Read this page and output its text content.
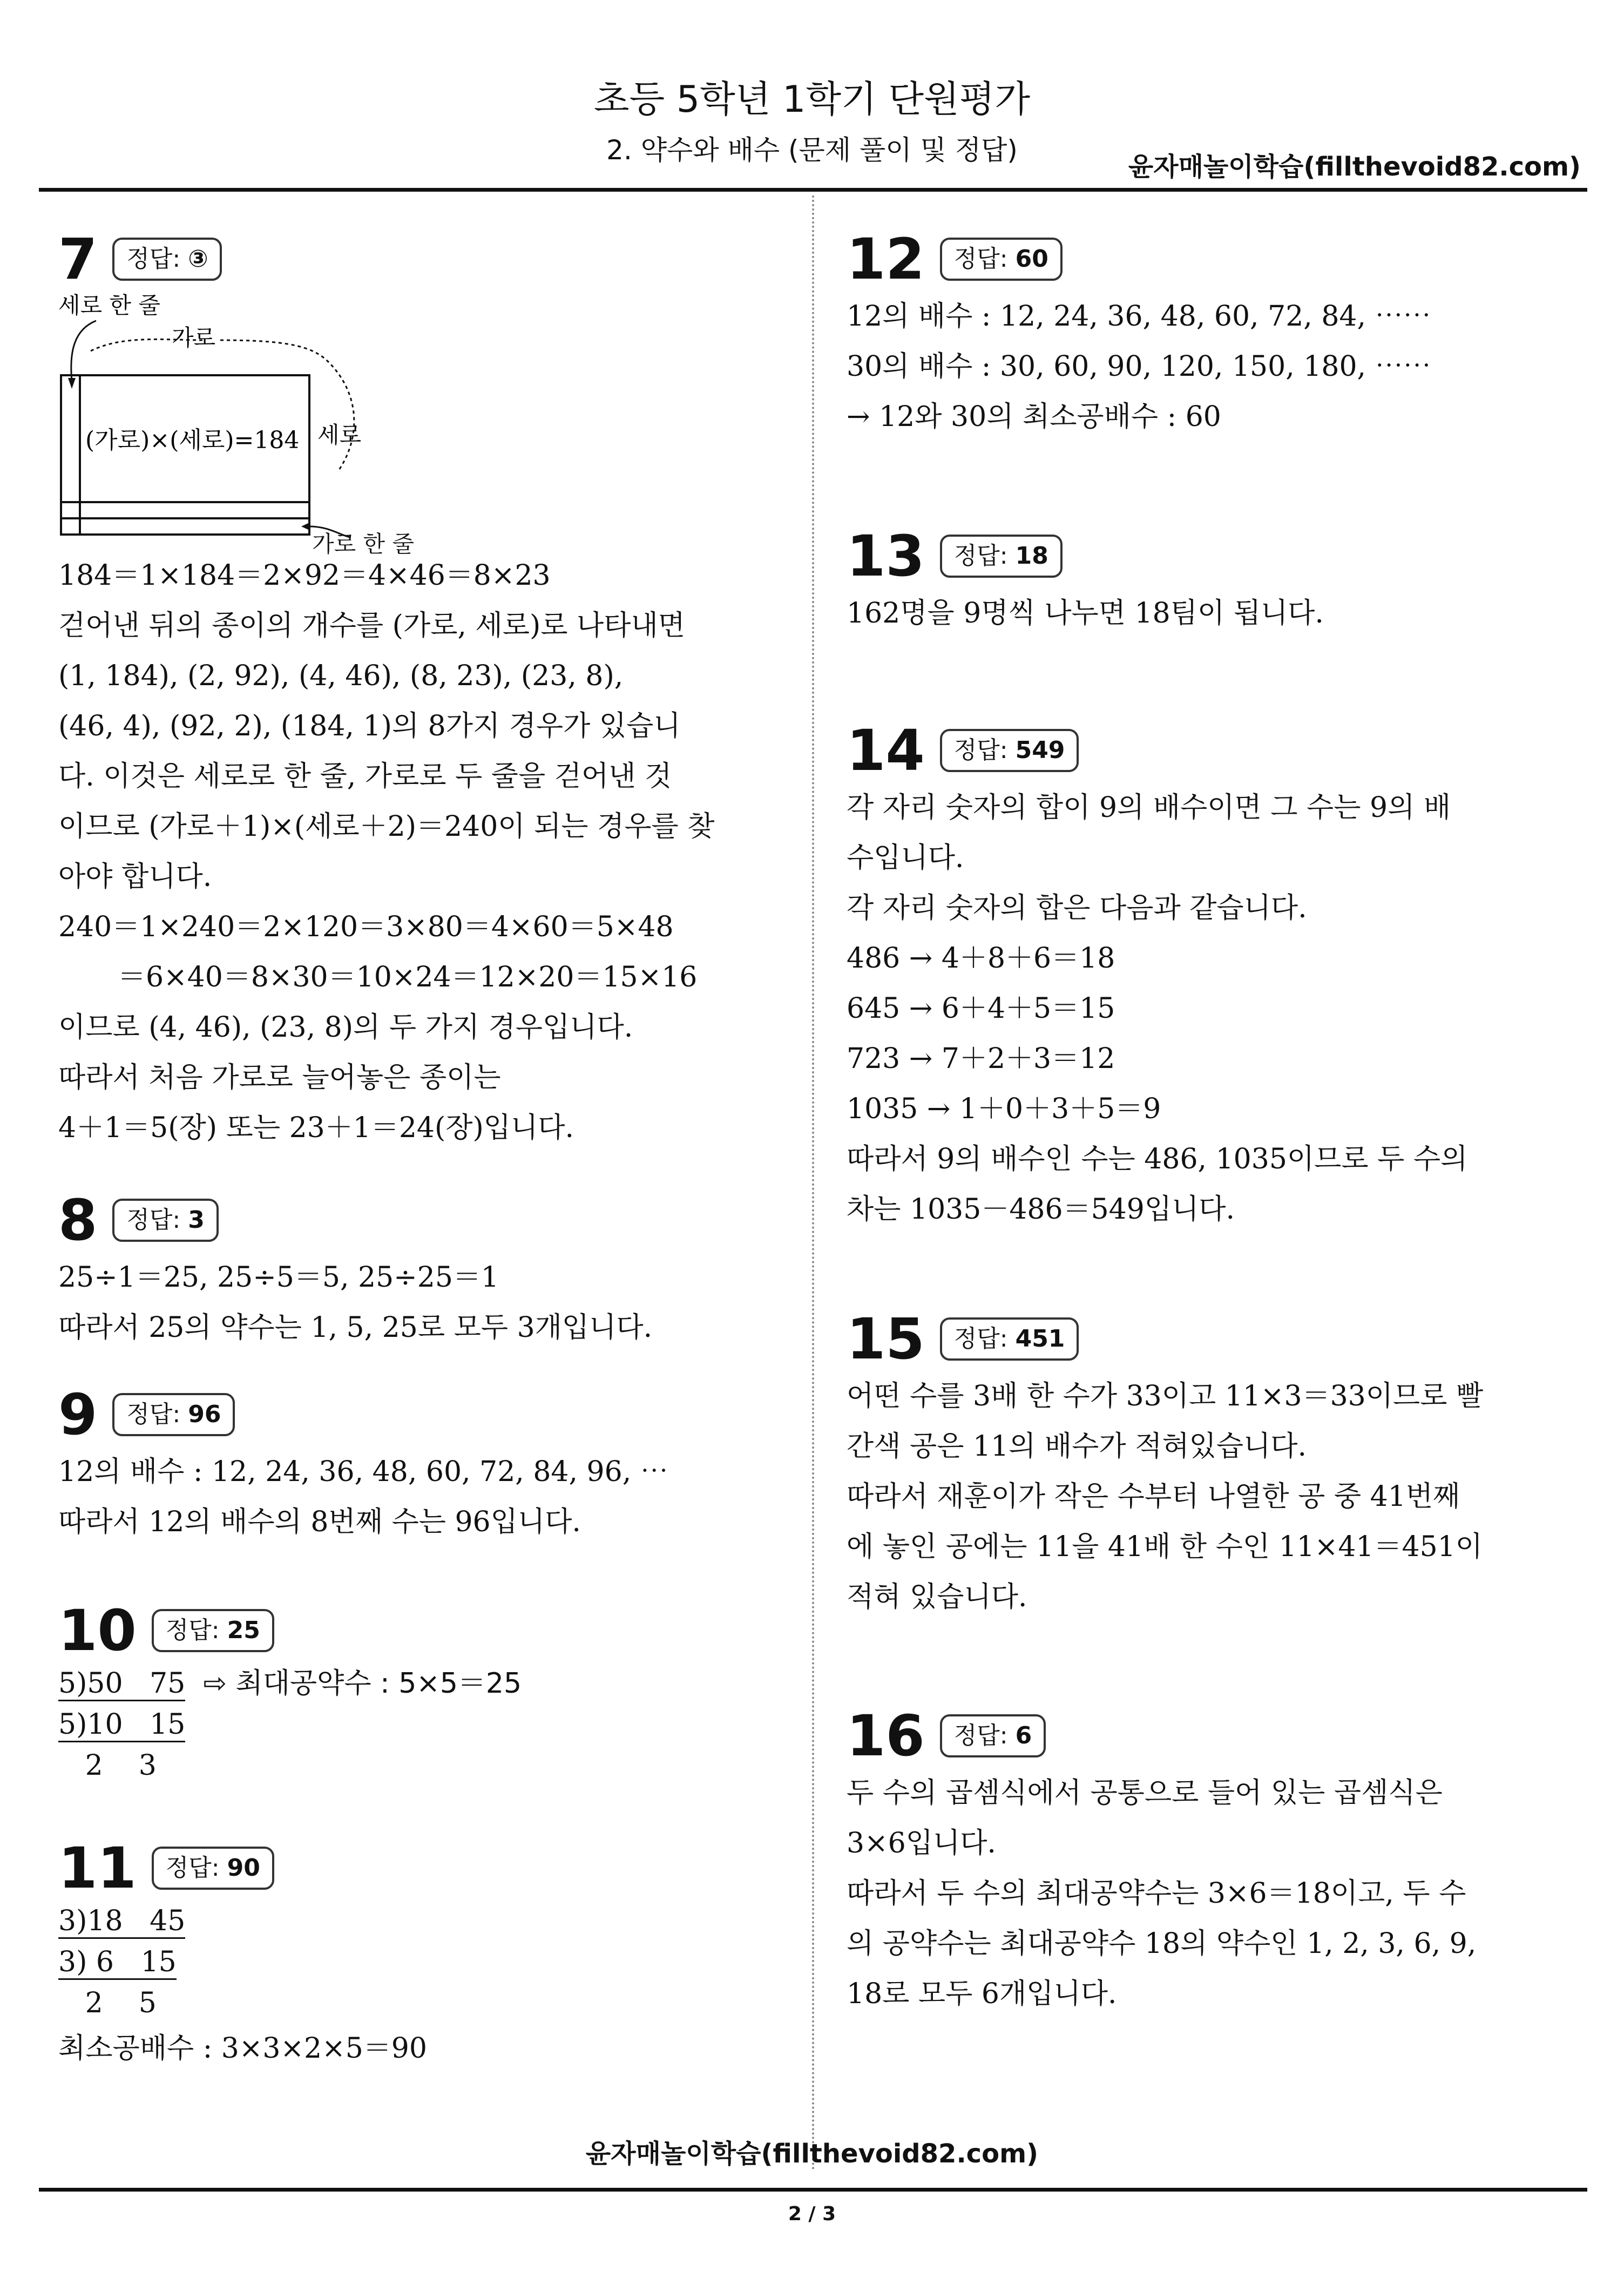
초등 5학년 1학기 단원평가
2. 약수와 배수 (문제 풀이 및 정답)
윤자매놀이학습(fillthevoid82.com)
7	정답: ③
세로 한 줄
가로
(가로)×(세로)=184 세로
가로 한 줄
184＝1×184＝2×92＝4×46＝8×23
걷어낸 뒤의 종이의 개수를 (가로, 세로)로 나타내면
(1, 184), (2, 92), (4, 46), (8, 23), (23, 8),
(46, 4), (92, 2), (184, 1)의 8가지 경우가 있습니
다. 이것은 세로로 한 줄, 가로로 두 줄을 걷어낸 것
이므로 (가로＋1)×(세로＋2)＝240이 되는 경우를 찾
아야 합니다.
240＝1×240＝2×120＝3×80＝4×60＝5×48
＝6×40＝8×30＝10×24＝12×20＝15×16
이므로 (4, 46), (23, 8)의 두 가지 경우입니다.
따라서 처음 가로로 늘어놓은 종이는
4＋1＝5(장) 또는 23＋1＝24(장)입니다.
8	정답: 3
25÷1＝25, 25÷5＝5, 25÷25＝1
따라서 25의 약수는 1, 5, 25로 모두 3개입니다.
9	정답: 96
12의 배수 : 12, 24, 36, 48, 60, 72, 84, 96, ⋯
따라서 12의 배수의 8번째 수는 96입니다.
10	정답: 25
5)50   75 ⇨ 최대공약수 : 5×5＝25
5)10   15
2    3
11	정답: 90
3)18   45
3) 6   15
2    5
최소공배수 : 3×3×2×5＝90
12	정답: 60
12의 배수 : 12, 24, 36, 48, 60, 72, 84, ⋯⋯
30의 배수 : 30, 60, 90, 120, 150, 180, ⋯⋯
→ 12와 30의 최소공배수 : 60
13	정답: 18
162명을 9명씩 나누면 18팀이 됩니다.
14	정답: 549
각 자리 숫자의 합이 9의 배수이면 그 수는 9의 배
수입니다.
각 자리 숫자의 합은 다음과 같습니다.
486 → 4＋8＋6＝18
645 → 6＋4＋5＝15
723 → 7＋2＋3＝12
1035 → 1＋0＋3＋5＝9
따라서 9의 배수인 수는 486, 1035이므로 두 수의
차는 1035－486＝549입니다.
15	정답: 451
어떤 수를 3배 한 수가 33이고 11×3＝33이므로 빨
간색 공은 11의 배수가 적혀있습니다.
따라서 재훈이가 작은 수부터 나열한 공 중 41번째
에 놓인 공에는 11을 41배 한 수인 11×41＝451이
적혀 있습니다.
16	정답: 6
두 수의 곱셈식에서 공통으로 들어 있는 곱셈식은
3×6입니다.
따라서 두 수의 최대공약수는 3×6＝18이고, 두 수
의 공약수는 최대공약수 18의 약수인 1, 2, 3, 6, 9,
18로 모두 6개입니다.
윤자매놀이학습(fillthevoid82.com)
2 / 3
